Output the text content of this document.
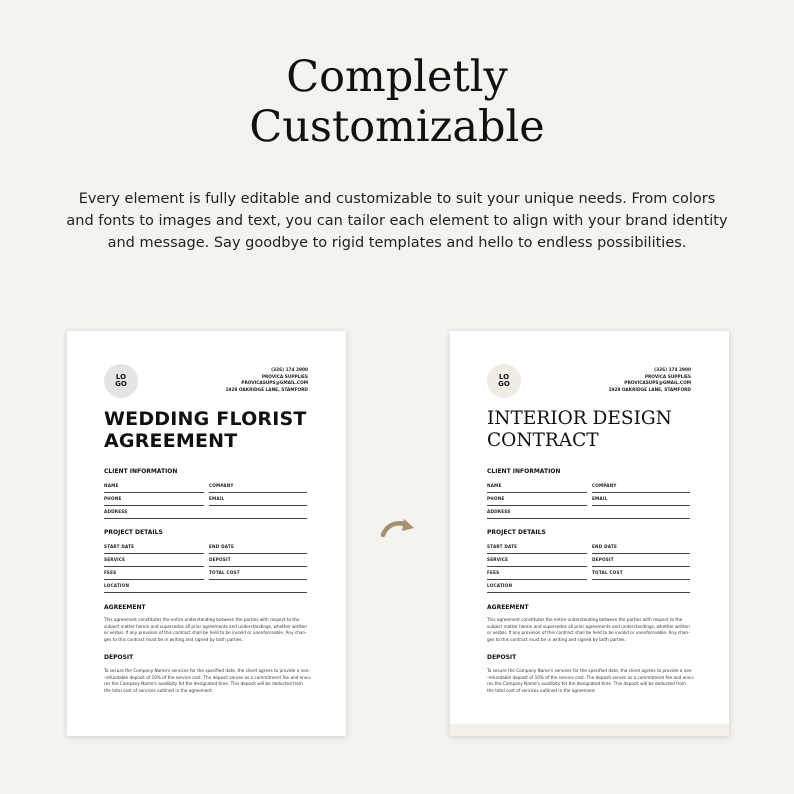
Completly
Customizable

Every element is fully editable and customizable to suit your unique needs. From colors
and fonts to images and text, you can tailor each element to align with your brand identity
and message. Say goodbye to rigid templates and hello to endless possibilities.

LO
GO
(326) 174 2900
PROVICA SUPPLIES
PROVICASUPS@GMAIL.COM
1928 OAKRIDGE LANE, STAMFORD
WEDDING FLORIST
AGREEMENT
CLIENT INFORMATION
NAME	COMPANY
PHONE	EMAIL
ADDRESS
PROJECT DETAILS
START DATE	END DATE
SERVICE	DEPOSIT
FEES	TOTAL COST
LOCATION
AGREEMENT
This agreement constitutes the entire understanding between the parties with respect to the
subject matter herein and supersedes all prior agreements and understandings, whether written
or verbal. If any provision of this contract shall be held to be invalid or unenforceable. Any chan-
ges to this contract must be in writing and signed by both parties.
DEPOSIT
To secure the Company Name's services for the specified date, the client agrees to provide a non-
-refundable deposit of 10% of the service cost. The deposit serves as a commitment fee and ensu-
res the Company Name's availibity fot the designated time. This deposit will be deducted from
the total cost of services outlined in the agreement.
LO
GO
(326) 174 2900
PROVICA SUPPLIES
PROVICASUPS@GMAIL.COM
1928 OAKRIDGE LANE, STAMFORD
INTERIOR DESIGN
CONTRACT
CLIENT INFORMATION
NAME	COMPANY
PHONE	EMAIL
ADDRESS
PROJECT DETAILS
START DATE	END DATE
SERVICE	DEPOSIT
FEES	TOTAL COST
LOCATION
AGREEMENT
This agreement constitutes the entire understanding between the parties with respect to the
subject matter herein and supersedes all prior agreements and understandings, whether written
or verbal. If any provision of this contract shall be held to be invalid or unenforceable. Any chan-
ges to this contract must be in writing and signed by both parties.
DEPOSIT
To secure the Company Name's services for the specified date, the client agrees to provide a non-
-refundable deposit of 10% of the service cost. The deposit serves as a commitment fee and ensu-
res the Company Name's availibity fot the designated time. This deposit will be deducted from
the total cost of services outlined in the agreement.
